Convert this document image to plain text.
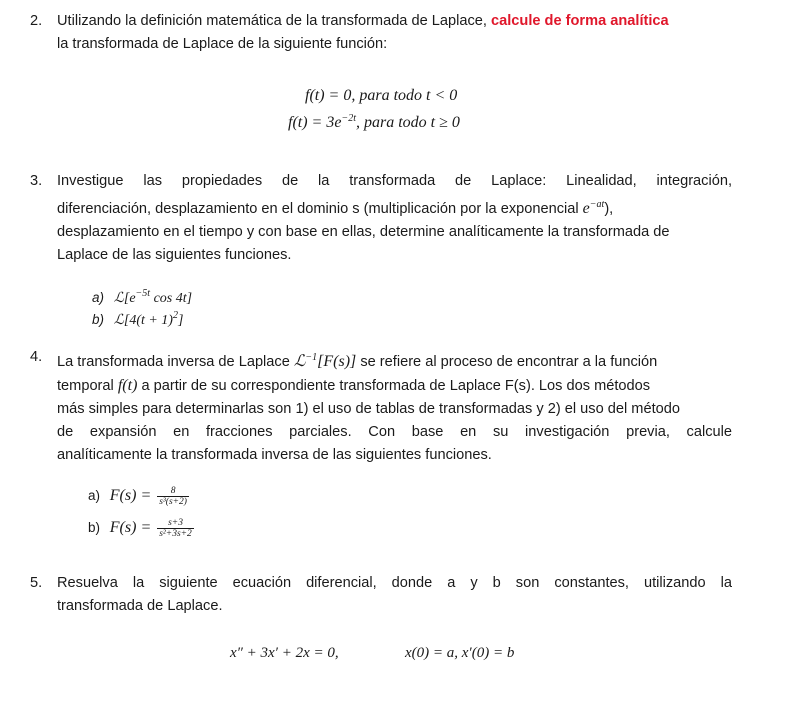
2. Utilizando la definición matemática de la transformada de Laplace, calcule de forma analítica
la transformada de Laplace de la siguiente función:
f(t) = 0, para todo t < 0
$f(t) = 3e^{-2t}$, para todo t ≥ 0
3. Investigue las propiedades de la transformada de Laplace: Linealidad, integración,
diferenciación, desplazamiento en el dominio s (multiplicación por la exponencial $e^{-at}$),
desplazamiento en el tiempo y con base en ellas, determine analíticamente la transformada de
Laplace de las siguientes funciones.
a) $ℒ[e^{-5t}$ cos 4t]
b) ℒ[4(t + 1)$^2$]
4. La transformada inversa de Laplace ℒ$^{-1}$[F(s)] se refiere al proceso de encontrar a la función
temporal f(t) a partir de su correspondiente transformada de Laplace F(s). Los dos métodos
más simples para determinarlas son 1) el uso de tablas de transformadas y 2) el uso del método
de expansión en fracciones parciales. Con base en su investigación previa, calcule
analíticamente la transformada inversa de las siguientes funciones.
a) $F(s) = \frac{8}{\text{s³(s+2)}}$
b) $F(s) = \frac{s+3}{\text{s²+3s+2}}$
5. Resuelva la siguiente ecuación diferencial, donde a y b son constantes, utilizando la
transformada de Laplace.
x″ + 3x′ + 2x = 0,	x(0) = a, x′(0) = b
